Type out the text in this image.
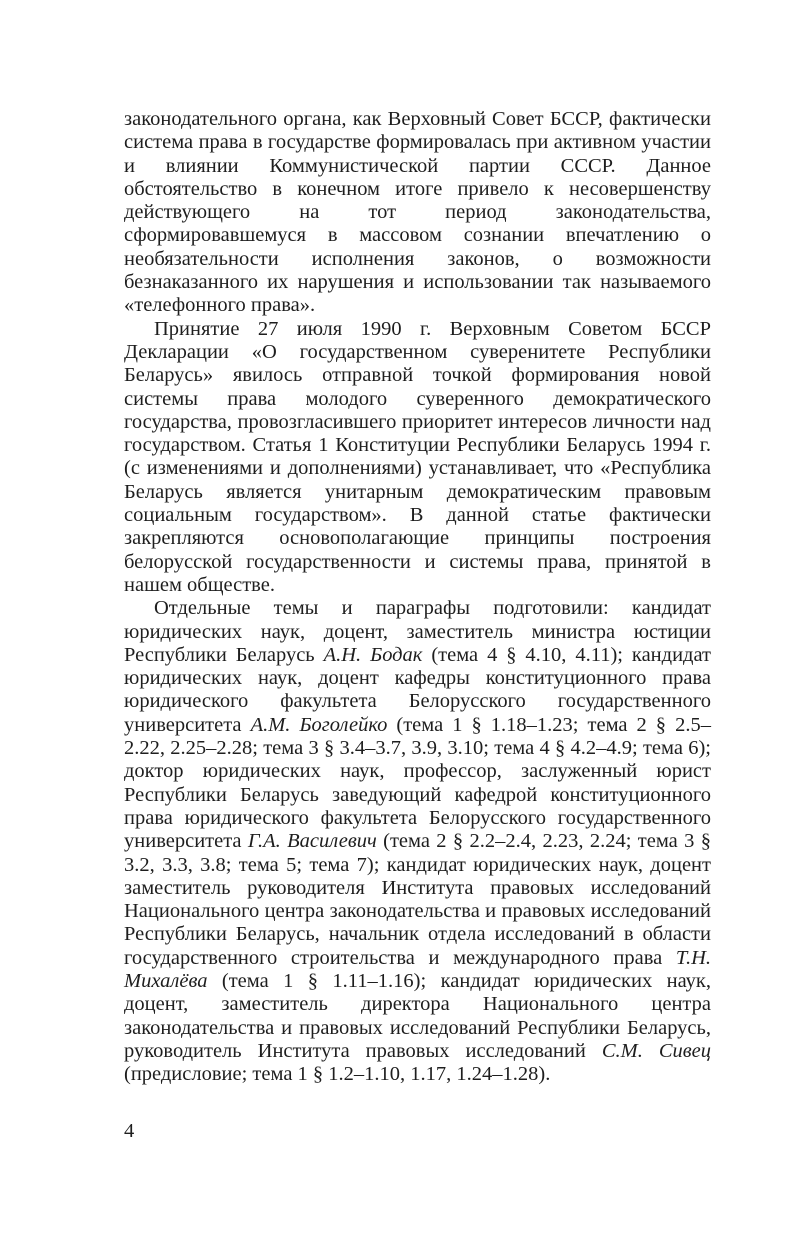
законодательного органа, как Верховный Совет БССР, фактически система права в государстве формировалась при активном участии и влиянии Коммунистической партии СССР. Данное обстоятельство в конечном итоге привело к несовершенству действующего на тот период законодательства, сформировавшемуся в массовом сознании впечатлению о необязательности исполнения законов, о возможности безнаказанного их нарушения и использовании так называемого «телефонного права».

Принятие 27 июля 1990 г. Верховным Советом БССР Декларации «О государственном суверенитете Республики Беларусь» явилось отправной точкой формирования новой системы права молодого суверенного демократического государства, провозгласившего приоритет интересов личности над государством. Статья 1 Конституции Республики Беларусь 1994 г. (с изменениями и дополнениями) устанавливает, что «Республика Беларусь является унитарным демократическим правовым социальным государством». В данной статье фактически закрепляются основополагающие принципы построения белорусской государственности и системы права, принятой в нашем обществе.

Отдельные темы и параграфы подготовили: кандидат юридических наук, доцент, заместитель министра юстиции Республики Беларусь А.Н. Бодак (тема 4 § 4.10, 4.11); кандидат юридических наук, доцент кафедры конституционного права юридического факультета Белорусского государственного университета А.М. Боголейко (тема 1 § 1.18–1.23; тема 2 § 2.5–2.22, 2.25–2.28; тема 3 § 3.4–3.7, 3.9, 3.10; тема 4 § 4.2–4.9; тема 6); доктор юридических наук, профессор, заслуженный юрист Республики Беларусь заведующий кафедрой конституционного права юридического факультета Белорусского государственного университета Г.А. Василевич (тема 2 § 2.2–2.4, 2.23, 2.24; тема 3 § 3.2, 3.3, 3.8; тема 5; тема 7); кандидат юридических наук, доцент заместитель руководителя Института правовых исследований Национального центра законодательства и правовых исследований Республики Беларусь, начальник отдела исследований в области государственного строительства и международного права Т.Н. Михалёва (тема 1 § 1.11–1.16); кандидат юридических наук, доцент, заместитель директора Национального центра законодательства и правовых исследований Республики Беларусь, руководитель Института правовых исследований С.М. Сивец (предисловие; тема 1 § 1.2–1.10, 1.17, 1.24–1.28).

4
